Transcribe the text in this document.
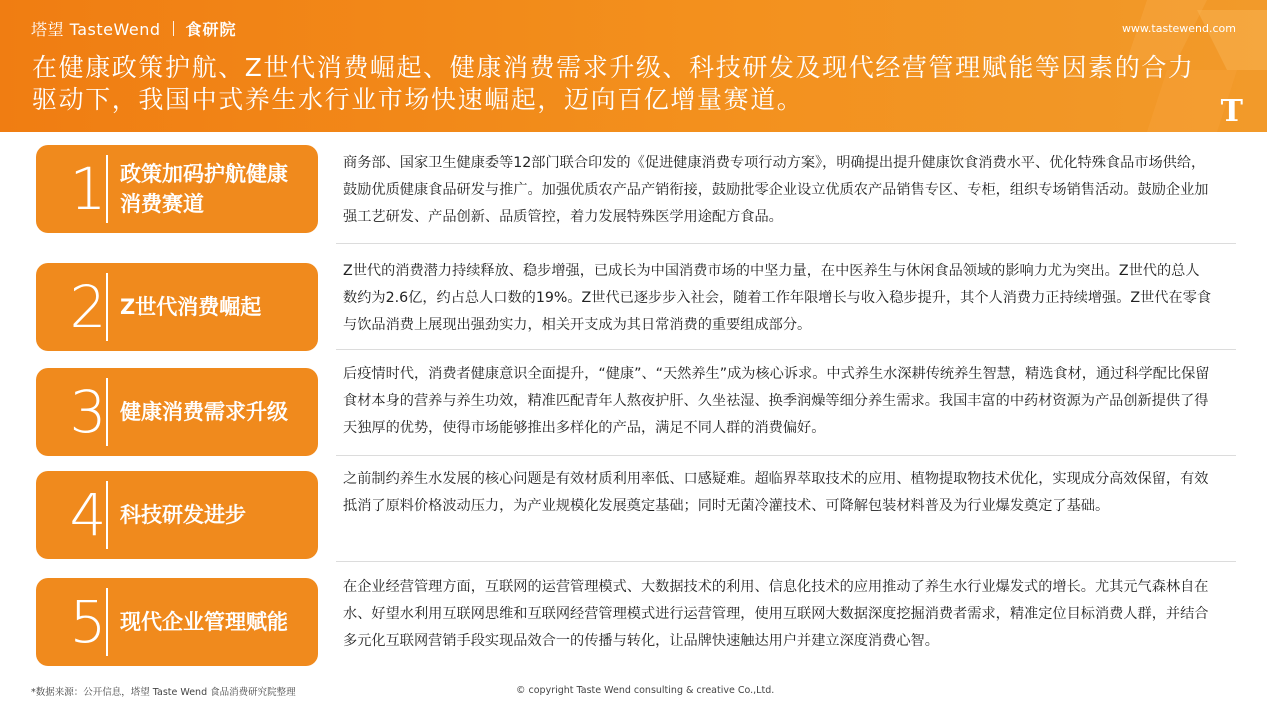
塔望 TasteWend 食研院	www.tastewend.com
在健康政策护航、Z世代消费崛起、健康消费需求升级、科技研发及现代经营管理赋能等因素的合力驱动下，我国中式养生水行业市场快速崛起，迈向百亿增量赛道。	T
1 政策加码护航健康消费赛道
商务部、国家卫生健康委等12部门联合印发的《促进健康消费专项行动方案》，明确提出提升健康饮食消费水平、优化特殊食品市场供给，鼓励优质健康食品研发与推广。加强优质农产品产销衔接，鼓励批零企业设立优质农产品销售专区、专柜，组织专场销售活动。鼓励企业加强工艺研发、产品创新、品质管控，着力发展特殊医学用途配方食品。
2 Z世代消费崛起
Z世代的消费潜力持续释放、稳步增强，已成长为中国消费市场的中坚力量，在中医养生与休闲食品领域的影响力尤为突出。Z世代的总人数约为2.6亿，约占总人口数的19%。Z世代已逐步步入社会，随着工作年限增长与收入稳步提升，其个人消费力正持续增强。Z世代在零食与饮品消费上展现出强劲实力，相关开支成为其日常消费的重要组成部分。
3 健康消费需求升级
后疫情时代，消费者健康意识全面提升，“健康”、“天然养生”成为核心诉求。中式养生水深耕传统养生智慧，精选食材，通过科学配比保留食材本身的营养与养生功效，精准匹配青年人熬夜护肝、久坐祛湿、换季润燥等细分养生需求。我国丰富的中药材资源为产品创新提供了得天独厚的优势，使得市场能够推出多样化的产品，满足不同人群的消费偏好。
4 科技研发进步
之前制约养生水发展的核心问题是有效材质利用率低、口感疑难。超临界萃取技术的应用、植物提取物技术优化，实现成分高效保留，有效抵消了原料价格波动压力，为产业规模化发展奠定基础；同时无菌冷灌技术、可降解包装材料普及为行业爆发奠定了基础。
5 现代企业管理赋能
在企业经营管理方面，互联网的运营管理模式、大数据技术的利用、信息化技术的应用推动了养生水行业爆发式的增长。尤其元气森林自在水、好望水利用互联网思维和互联网经营管理模式进行运营管理，使用互联网大数据深度挖掘消费者需求，精准定位目标消费人群，并结合多元化互联网营销手段实现品效合一的传播与转化，让品牌快速触达用户并建立深度消费心智。
*数据来源：公开信息，塔望 Taste Wend 食品消费研究院整理	© copyright Taste Wend consulting & creative Co.,Ltd.
